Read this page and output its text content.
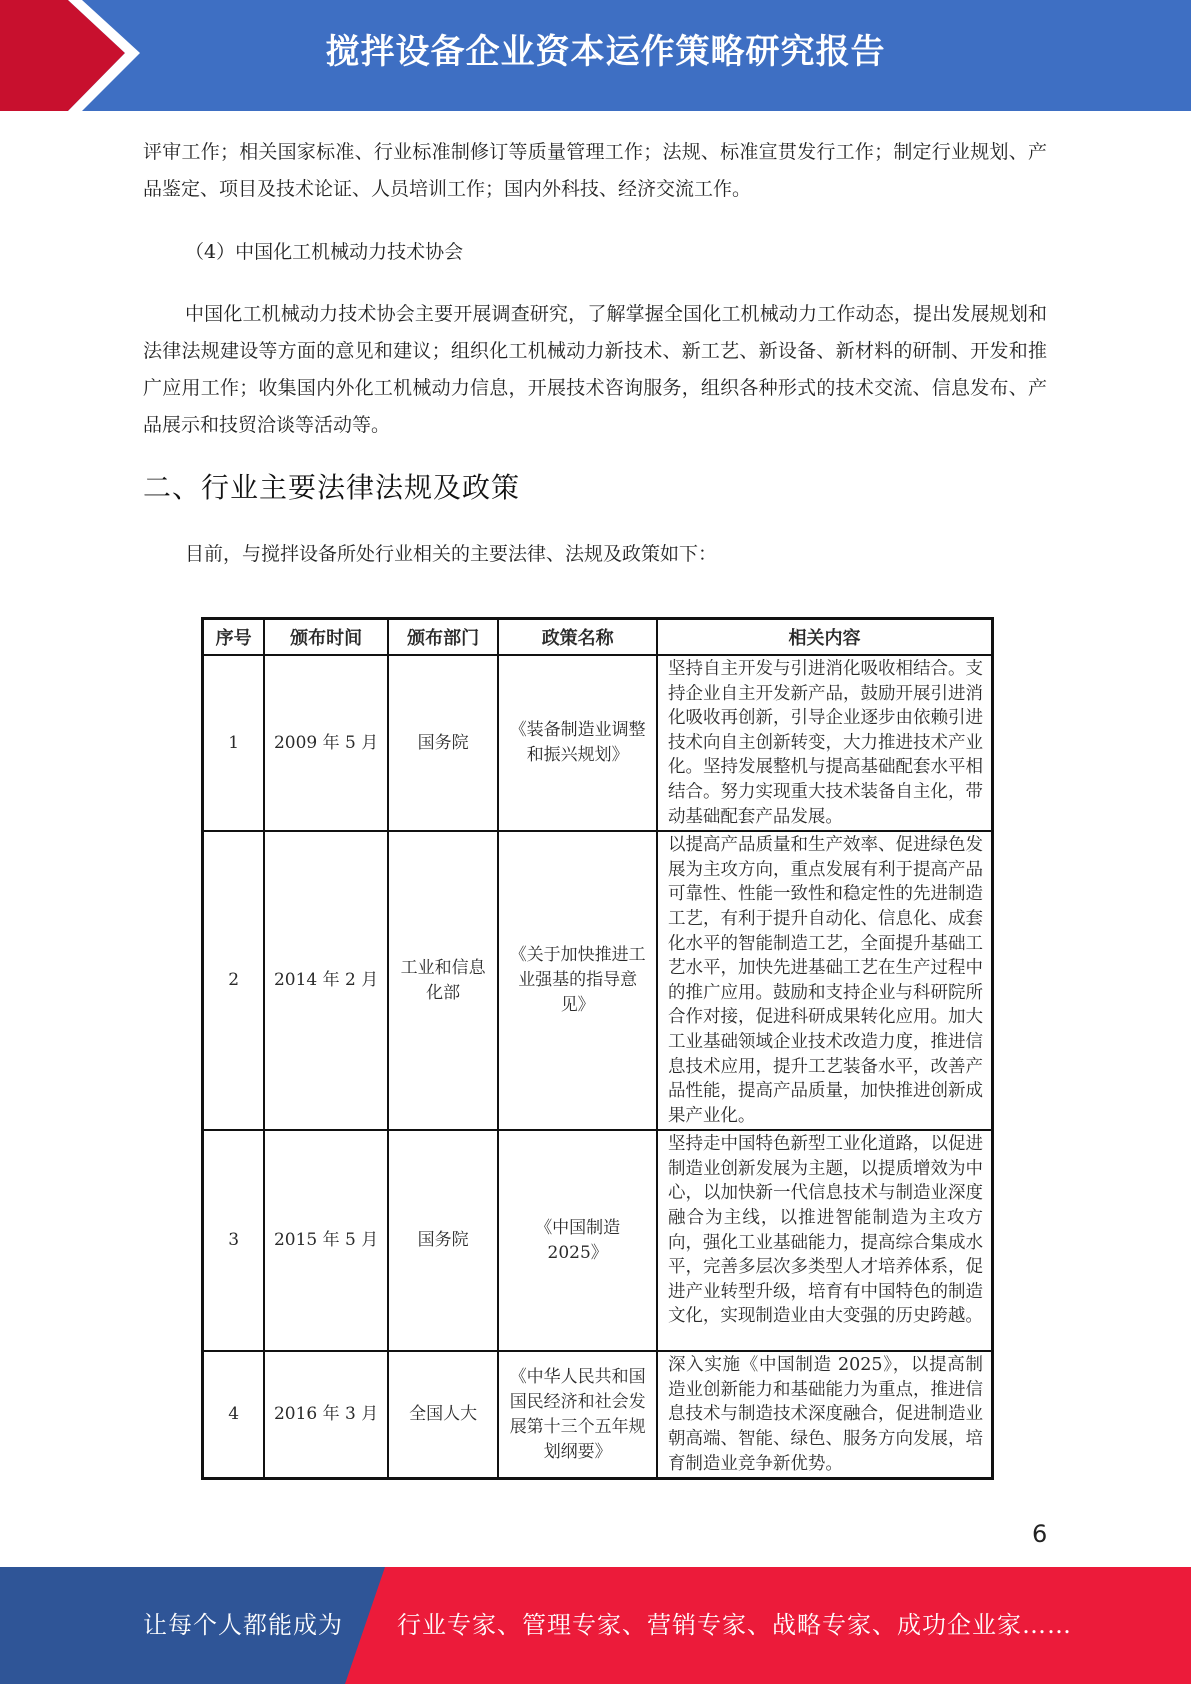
搅拌设备企业资本运作策略研究报告

评审工作；相关国家标准、行业标准制修订等质量管理工作；法规、标准宣贯发行工作；制定行业规划、产品鉴定、项目及技术论证、人员培训工作；国内外科技、经济交流工作。

（4）中国化工机械动力技术协会

中国化工机械动力技术协会主要开展调查研究，了解掌握全国化工机械动力工作动态，提出发展规划和法律法规建设等方面的意见和建议；组织化工机械动力新技术、新工艺、新设备、新材料的研制、开发和推广应用工作；收集国内外化工机械动力信息，开展技术咨询服务，组织各种形式的技术交流、信息发布、产品展示和技贸洽谈等活动等。

二、行业主要法律法规及政策

目前，与搅拌设备所处行业相关的主要法律、法规及政策如下：

序号	颁布时间	颁布部门	政策名称	相关内容
1	2009 年 5 月	国务院	《装备制造业调整和振兴规划》	坚持自主开发与引进消化吸收相结合。支持企业自主开发新产品，鼓励开展引进消化吸收再创新，引导企业逐步由依赖引进技术向自主创新转变，大力推进技术产业化。坚持发展整机与提高基础配套水平相结合。努力实现重大技术装备自主化，带动基础配套产品发展。
2	2014 年 2 月	工业和信息化部	《关于加快推进工业强基的指导意见》	以提高产品质量和生产效率、促进绿色发展为主攻方向，重点发展有利于提高产品可靠性、性能一致性和稳定性的先进制造工艺，有利于提升自动化、信息化、成套化水平的智能制造工艺，全面提升基础工艺水平，加快先进基础工艺在生产过程中的推广应用。鼓励和支持企业与科研院所合作对接，促进科研成果转化应用。加大工业基础领域企业技术改造力度，推进信息技术应用，提升工艺装备水平，改善产品性能，提高产品质量，加快推进创新成果产业化。
3	2015 年 5 月	国务院	《中国制造 2025》	坚持走中国特色新型工业化道路，以促进制造业创新发展为主题，以提质增效为中心，以加快新一代信息技术与制造业深度融合为主线，以推进智能制造为主攻方向，强化工业基础能力，提高综合集成水平，完善多层次多类型人才培养体系，促进产业转型升级，培育有中国特色的制造文化，实现制造业由大变强的历史跨越。
4	2016 年 3 月	全国人大	《中华人民共和国国民经济和社会发展第十三个五年规划纲要》	深入实施《中国制造 2025》，以提高制造业创新能力和基础能力为重点，推进信息技术与制造技术深度融合，促进制造业朝高端、智能、绿色、服务方向发展，培育制造业竞争新优势。
6
让每个人都能成为 行业专家、管理专家、营销专家、战略专家、成功企业家……
